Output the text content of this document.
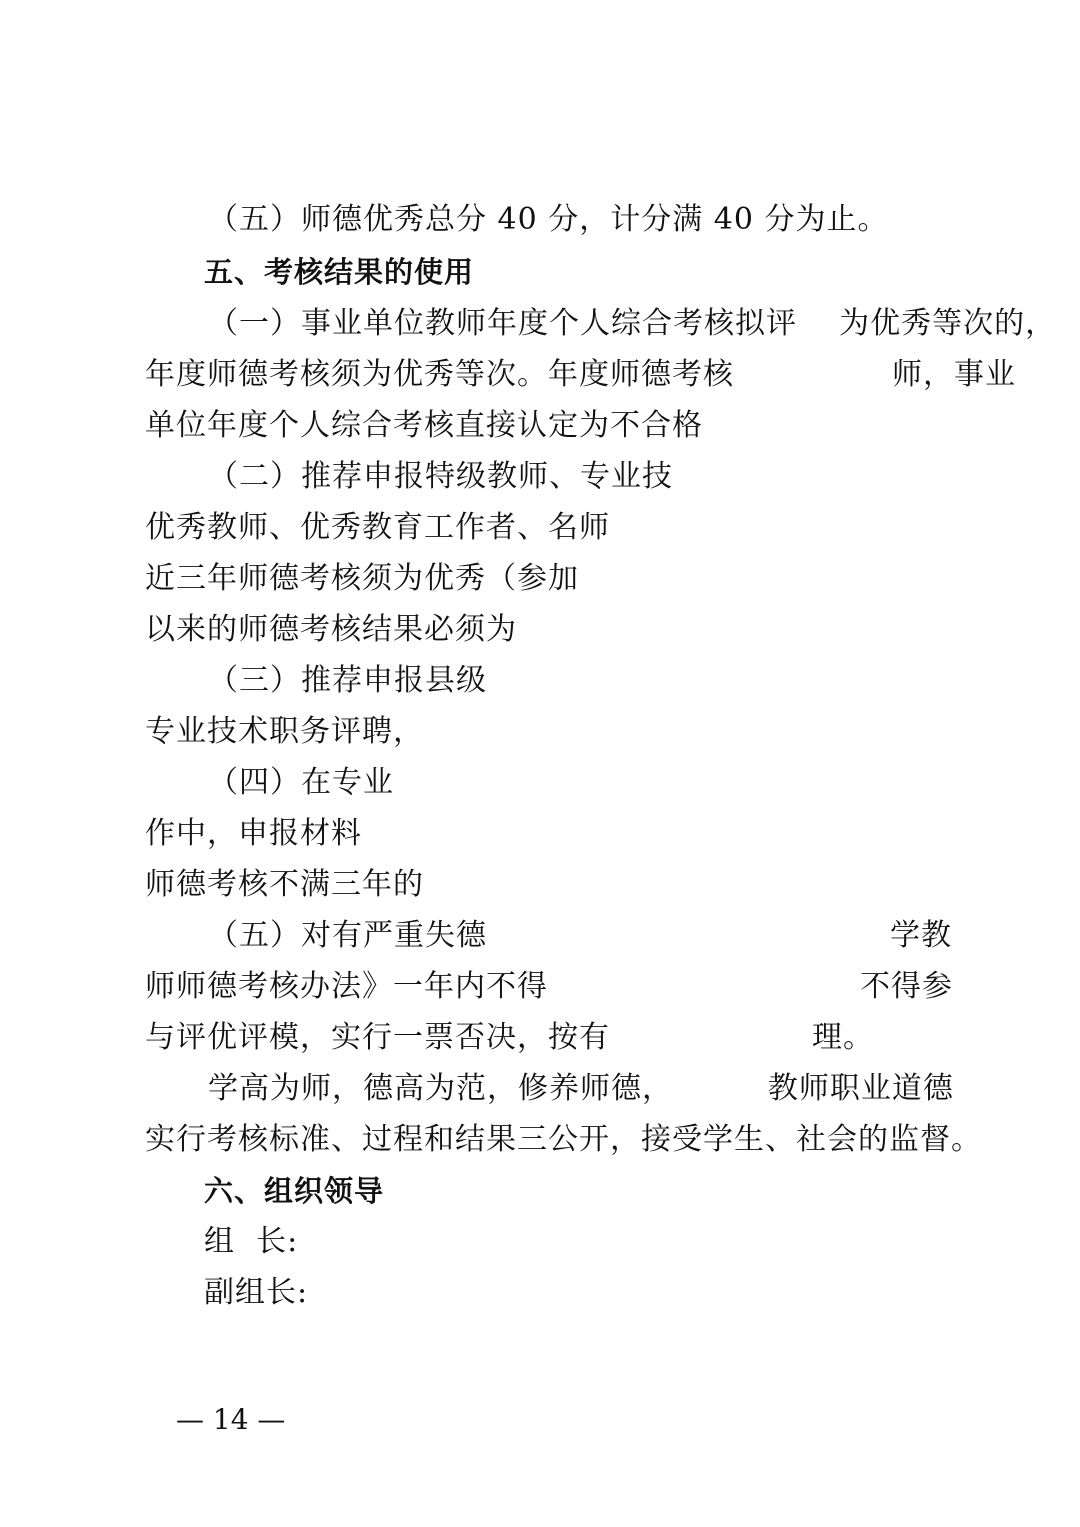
（五）师德优秀总分 40 分，计分满 40 分为止。
五、考核结果的使用
（一）事业单位教师年度个人综合考核拟评    为优秀等次的，
年度师德考核须为优秀等次。年度师德考核               师，事业
单位年度个人综合考核直接认定为不合格
（二）推荐申报特级教师、专业技
优秀教师、优秀教育工作者、名师
近三年师德考核须为优秀（参加
以来的师德考核结果必须为
（三）推荐申报县级
专业技术职务评聘，
（四）在专业
作中，申报材料
师德考核不满三年的
（五）对有严重失德	学教
师师德考核办法》一年内不得	不得参
与评优评模，实行一票否决，按有	理。
学高为师，德高为范，修养师德，         教师职业道德
实行考核标准、过程和结果三公开，接受学生、社会的监督。
六、组织领导
组  长:
副组长:
— 14 —
